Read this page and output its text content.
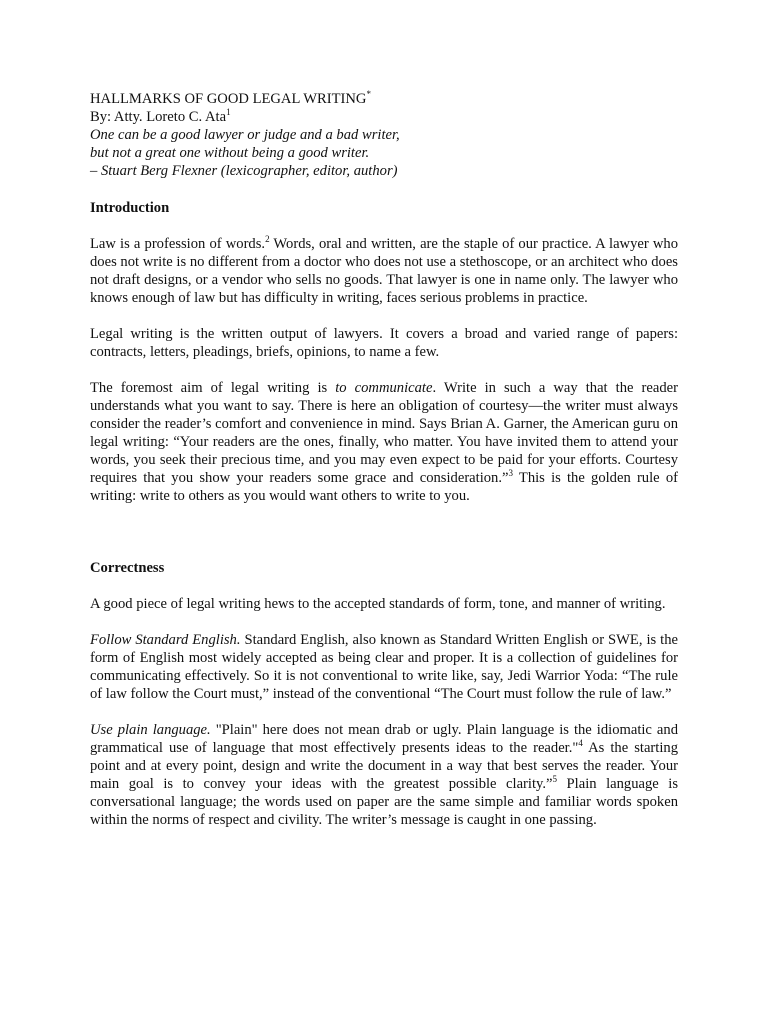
HALLMARKS OF GOOD LEGAL WRITING*
By: Atty. Loreto C. Ata$^1$
One can be a good lawyer or judge and a bad writer,
but not a great one without being a good writer.
– Stuart Berg Flexner (lexicographer, editor, author)
Introduction

Law is a profession of words.$^2$ Words, oral and written, are the staple of our practice. A lawyer who does not write is no different from a doctor who does not use a stethoscope, or an architect who does not draft designs, or a vendor who sells no goods. That lawyer is one in name only. The lawyer who knows enough of law but has difficulty in writing, faces serious problems in practice.

Legal writing is the written output of lawyers. It covers a broad and varied range of papers: contracts, letters, pleadings, briefs, opinions, to name a few.

The foremost aim of legal writing is to communicate. Write in such a way that the reader understands what you want to say. There is here an obligation of courtesy—the writer must always consider the reader’s comfort and convenience in mind. Says Brian A. Garner, the American guru on legal writing: “Your readers are the ones, finally, who matter. You have invited them to attend your words, you seek their precious time, and you may even expect to be paid for your efforts. Courtesy requires that you show your readers some grace and consideration.”$^3$ This is the golden rule of writing: write to others as you would want others to write to you.

Correctness

A good piece of legal writing hews to the accepted standards of form, tone, and manner of writing.

Follow Standard English. Standard English, also known as Standard Written English or SWE, is the form of English most widely accepted as being clear and proper. It is a collection of guidelines for communicating effectively. So it is not conventional to write like, say, Jedi Warrior Yoda: “The rule of law follow the Court must,” instead of the conventional “The Court must follow the rule of law.”

Use plain language. "Plain" here does not mean drab or ugly. Plain language is the idiomatic and grammatical use of language that most effectively presents ideas to the reader."$^4$ As the starting point and at every point, design and write the document in a way that best serves the reader. Your main goal is to convey your ideas with the greatest possible clarity.”$^5$ Plain language is conversational language; the words used on paper are the same simple and familiar words spoken within the norms of respect and civility. The writer’s message is caught in one passing.
